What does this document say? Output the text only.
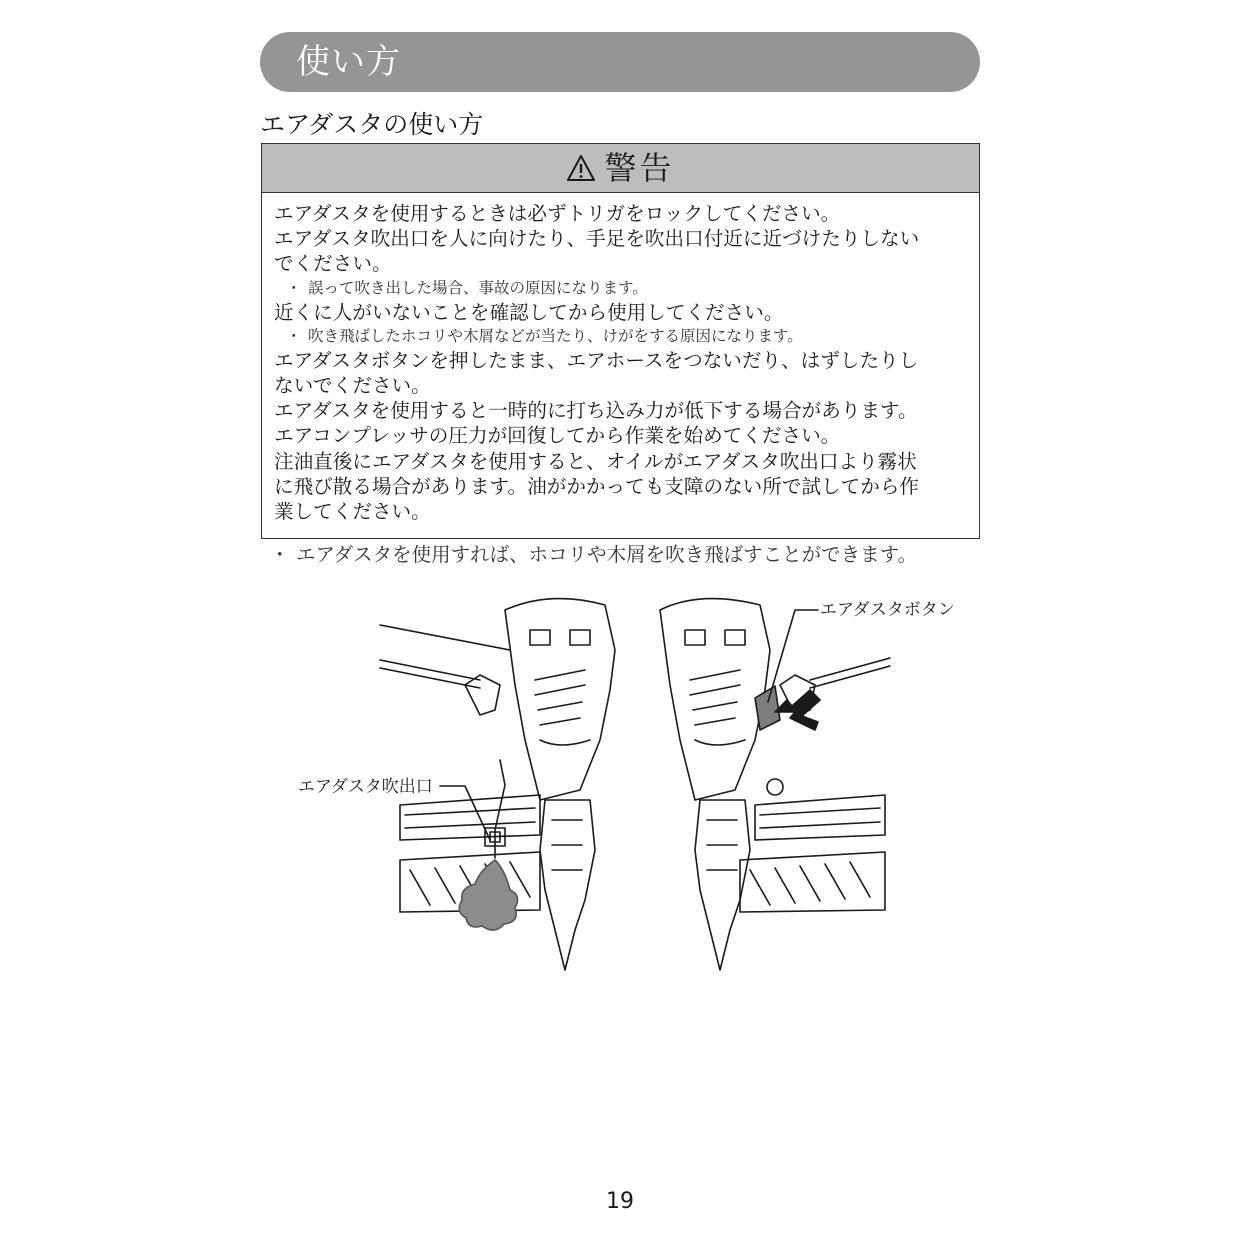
使い方
エアダスタの使い方
警告
エアダスタを使用するときは必ずトリガをロックしてください。
エアダスタ吹出口を人に向けたり、手足を吹出口付近に近づけたりしない
でください。
・ 誤って吹き出した場合、事故の原因になります。
近くに人がいないことを確認してから使用してください。
・ 吹き飛ばしたホコリや木屑などが当たり、けがをする原因になります。
エアダスタボタンを押したまま、エアホースをつないだり、はずしたりし
ないでください。
エアダスタを使用すると一時的に打ち込み力が低下する場合があります。
エアコンプレッサの圧力が回復してから作業を始めてください。
注油直後にエアダスタを使用すると、オイルがエアダスタ吹出口より霧状
に飛び散る場合があります。油がかかっても支障のない所で試してから作
業してください。
・ エアダスタを使用すれば、ホコリや木屑を吹き飛ばすことができます。
エアダスタ吹出口
エアダスタボタン
19
